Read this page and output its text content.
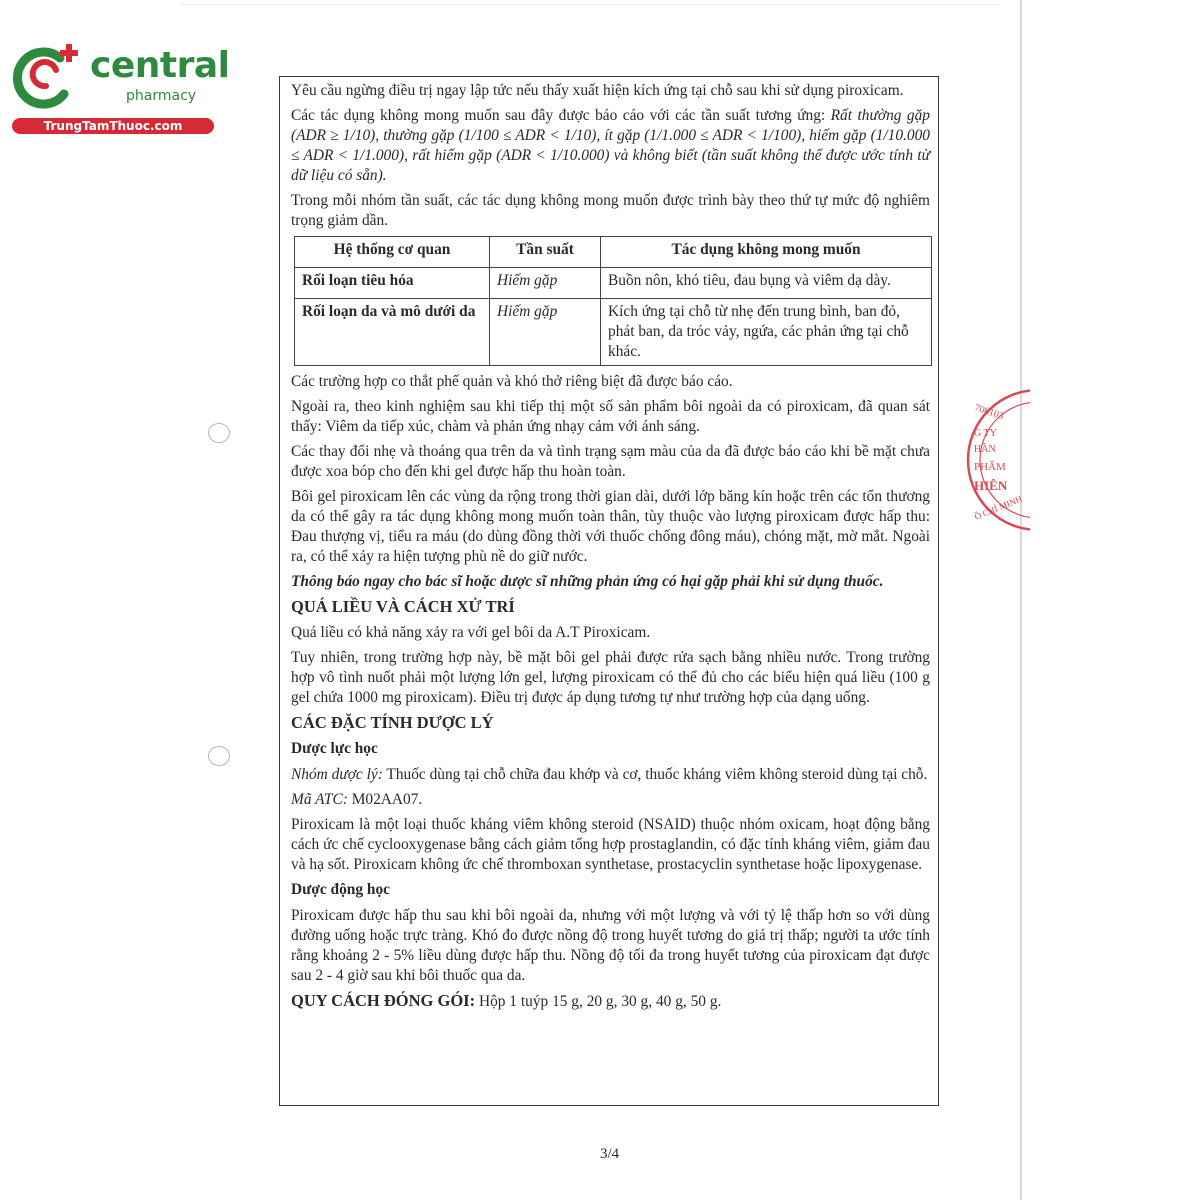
central
pharmacy
TrungTamThuoc.com
706103
G TY
HẦN
PHẨM
HIÊN
Ồ CHÍ MINH

Yêu cầu ngừng điều trị ngay lập tức nếu thấy xuất hiện kích ứng tại chỗ sau khi sử dụng piroxicam.

Các tác dụng không mong muốn sau đây được báo cáo với các tần suất tương ứng: Rất thường gặp (ADR ≥ 1/10), thường gặp (1/100 ≤ ADR < 1/10), ít gặp (1/1.000 ≤ ADR < 1/100), hiếm gặp (1/10.000 ≤ ADR < 1/1.000), rất hiếm gặp (ADR < 1/10.000) và không biết (tần suất không thể được ước tính từ dữ liệu có sẵn).

Trong mỗi nhóm tần suất, các tác dụng không mong muốn được trình bày theo thứ tự mức độ nghiêm trọng giảm dần.

Hệ thống cơ quan	Tần suất	Tác dụng không mong muốn
Rối loạn tiêu hóa	Hiếm gặp	Buồn nôn, khó tiêu, đau bụng và viêm dạ dày.
Rối loạn da và mô dưới da	Hiếm gặp	Kích ứng tại chỗ từ nhẹ đến trung bình, ban đỏ, phát ban, da tróc vảy, ngứa, các phản ứng tại chỗ khác.

Các trường hợp co thắt phế quản và khó thở riêng biệt đã được báo cáo.

Ngoài ra, theo kinh nghiệm sau khi tiếp thị một số sản phẩm bôi ngoài da có piroxicam, đã quan sát thấy: Viêm da tiếp xúc, chàm và phản ứng nhạy cảm với ánh sáng.

Các thay đổi nhẹ và thoáng qua trên da và tình trạng sạm màu của da đã được báo cáo khi bề mặt chưa được xoa bóp cho đến khi gel được hấp thu hoàn toàn.

Bôi gel piroxicam lên các vùng da rộng trong thời gian dài, dưới lớp băng kín hoặc trên các tổn thương da có thể gây ra tác dụng không mong muốn toàn thân, tùy thuộc vào lượng piroxicam được hấp thu: Đau thượng vị, tiểu ra máu (do dùng đồng thời với thuốc chống đông máu), chóng mặt, mờ mắt. Ngoài ra, có thể xảy ra hiện tượng phù nề do giữ nước.

Thông báo ngay cho bác sĩ hoặc dược sĩ những phản ứng có hại gặp phải khi sử dụng thuốc.

QUÁ LIỀU VÀ CÁCH XỬ TRÍ

Quá liều có khả năng xảy ra với gel bôi da A.T Piroxicam.

Tuy nhiên, trong trường hợp này, bề mặt bôi gel phải được rửa sạch bằng nhiều nước. Trong trường hợp vô tình nuốt phải một lượng lớn gel, lượng piroxicam có thể đủ cho các biểu hiện quá liều (100 g gel chứa 1000 mg piroxicam). Điều trị được áp dụng tương tự như trường hợp của dạng uống.

CÁC ĐẶC TÍNH DƯỢC LÝ

Dược lực học

Nhóm dược lý: Thuốc dùng tại chỗ chữa đau khớp và cơ, thuốc kháng viêm không steroid dùng tại chỗ.

Mã ATC: M02AA07.

Piroxicam là một loại thuốc kháng viêm không steroid (NSAID) thuộc nhóm oxicam, hoạt động bằng cách ức chế cyclooxygenase bằng cách giảm tổng hợp prostaglandin, có đặc tính kháng viêm, giảm đau và hạ sốt. Piroxicam không ức chế thromboxan synthetase, prostacyclin synthetase hoặc lipoxygenase.

Dược động học

Piroxicam được hấp thu sau khi bôi ngoài da, nhưng với một lượng và với tỷ lệ thấp hơn so với dùng đường uống hoặc trực tràng. Khó đo được nồng độ trong huyết tương do giá trị thấp; người ta ước tính rằng khoảng 2 - 5% liều dùng được hấp thu. Nồng độ tối đa trong huyết tương của piroxicam đạt được sau 2 - 4 giờ sau khi bôi thuốc qua da.

QUY CÁCH ĐÓNG GÓI: Hộp 1 tuýp 15 g, 20 g, 30 g, 40 g, 50 g.

3/4
